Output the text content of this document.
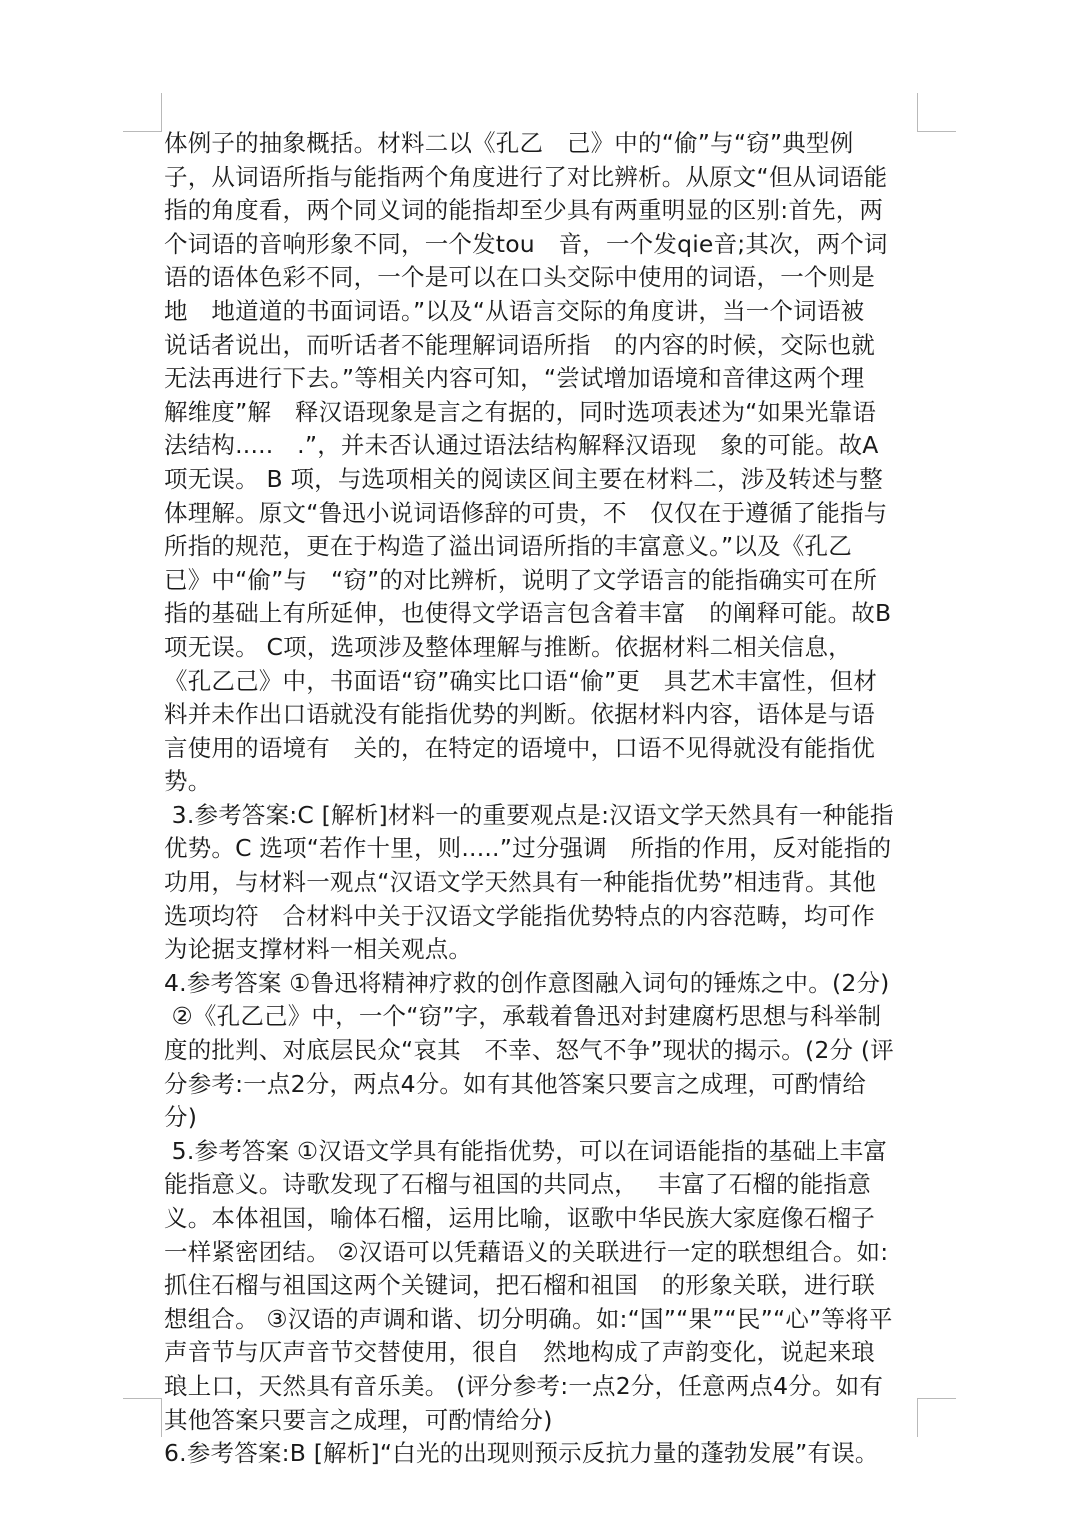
体例子的抽象概括。材料二以《孔乙　己》中的“偷”与“窃”典型例
子，从词语所指与能指两个角度进行了对比辨析。从原文“但从词语能
指的角度看，两个同义词的能指却至少具有两重明显的区别:首先，两
个词语的音响形象不同，一个发tou　音，一个发qie音;其次，两个词
语的语体色彩不同，一个是可以在口头交际中使用的词语，一个则是
地　地道道的书面词语。”以及“从语言交际的角度讲，当一个词语被
说话者说出，而听话者不能理解词语所指　的内容的时候，交际也就
无法再进行下去。”等相关内容可知，“尝试增加语境和音律这两个理
解维度”解　释汉语现象是言之有据的，同时选项表述为“如果光靠语
法结构.....　.”，并未否认通过语法结构解释汉语现　象的可能。故A
项无误。 B 项，与选项相关的阅读区间主要在材料二，涉及转述与整
体理解。原文“鲁迅小说词语修辞的可贵，不　仅仅在于遵循了能指与
所指的规范，更在于构造了溢出词语所指的丰富意义。”以及《孔乙
已》中“偷”与　“窃”的对比辨析，说明了文学语言的能指确实可在所
指的基础上有所延伸，也使得文学语言包含着丰富　的阐释可能。故B
项无误。 C项，选项涉及整体理解与推断。依据材料二相关信息，
《孔乙己》中，书面语“窃”确实比口语“偷”更　具艺术丰富性，但材
料并未作出口语就没有能指优势的判断。依据材料内容，语体是与语
言使用的语境有　关的，在特定的语境中，口语不见得就没有能指优
势。
3.参考答案:C [解析]材料一的重要观点是:汉语文学天然具有一种能指
优势。C 选项“若作十里，则.....”过分强调　所指的作用，反对能指的
功用，与材料一观点“汉语文学天然具有一种能指优势”相违背。其他
选项均符　合材料中关于汉语文学能指优势特点的内容范畴，均可作
为论据支撑材料一相关观点。
4.参考答案 ①鲁迅将精神疗救的创作意图融入词句的锤炼之中。(2分)
②《孔乙己》中，一个“窃”字，承载着鲁迅对封建腐朽思想与科举制
度的批判、对底层民众“哀其　不幸、怒气不争”现状的揭示。(2分 (评
分参考:一点2分，两点4分。如有其他答案只要言之成理，可酌情给
分)
5.参考答案 ①汉语文学具有能指优势，可以在词语能指的基础上丰富
能指意义。诗歌发现了石榴与祖国的共同点，　 丰富了石榴的能指意
义。本体祖国，喻体石榴，运用比喻，讴歌中华民族大家庭像石榴子
一样紧密团结。 ②汉语可以凭藉语义的关联进行一定的联想组合。如:
抓住石榴与祖国这两个关键词，把石榴和祖国　的形象关联，进行联
想组合。 ③汉语的声调和谐、切分明确。如:“国”“果”“民”“心”等将平
声音节与仄声音节交替使用，很自　然地构成了声韵变化，说起来琅
琅上口，天然具有音乐美。 (评分参考:一点2分，任意两点4分。如有
其他答案只要言之成理，可酌情给分)
6.参考答案:B [解析]“白光的出现则预示反抗力量的蓬勃发展”有误。
